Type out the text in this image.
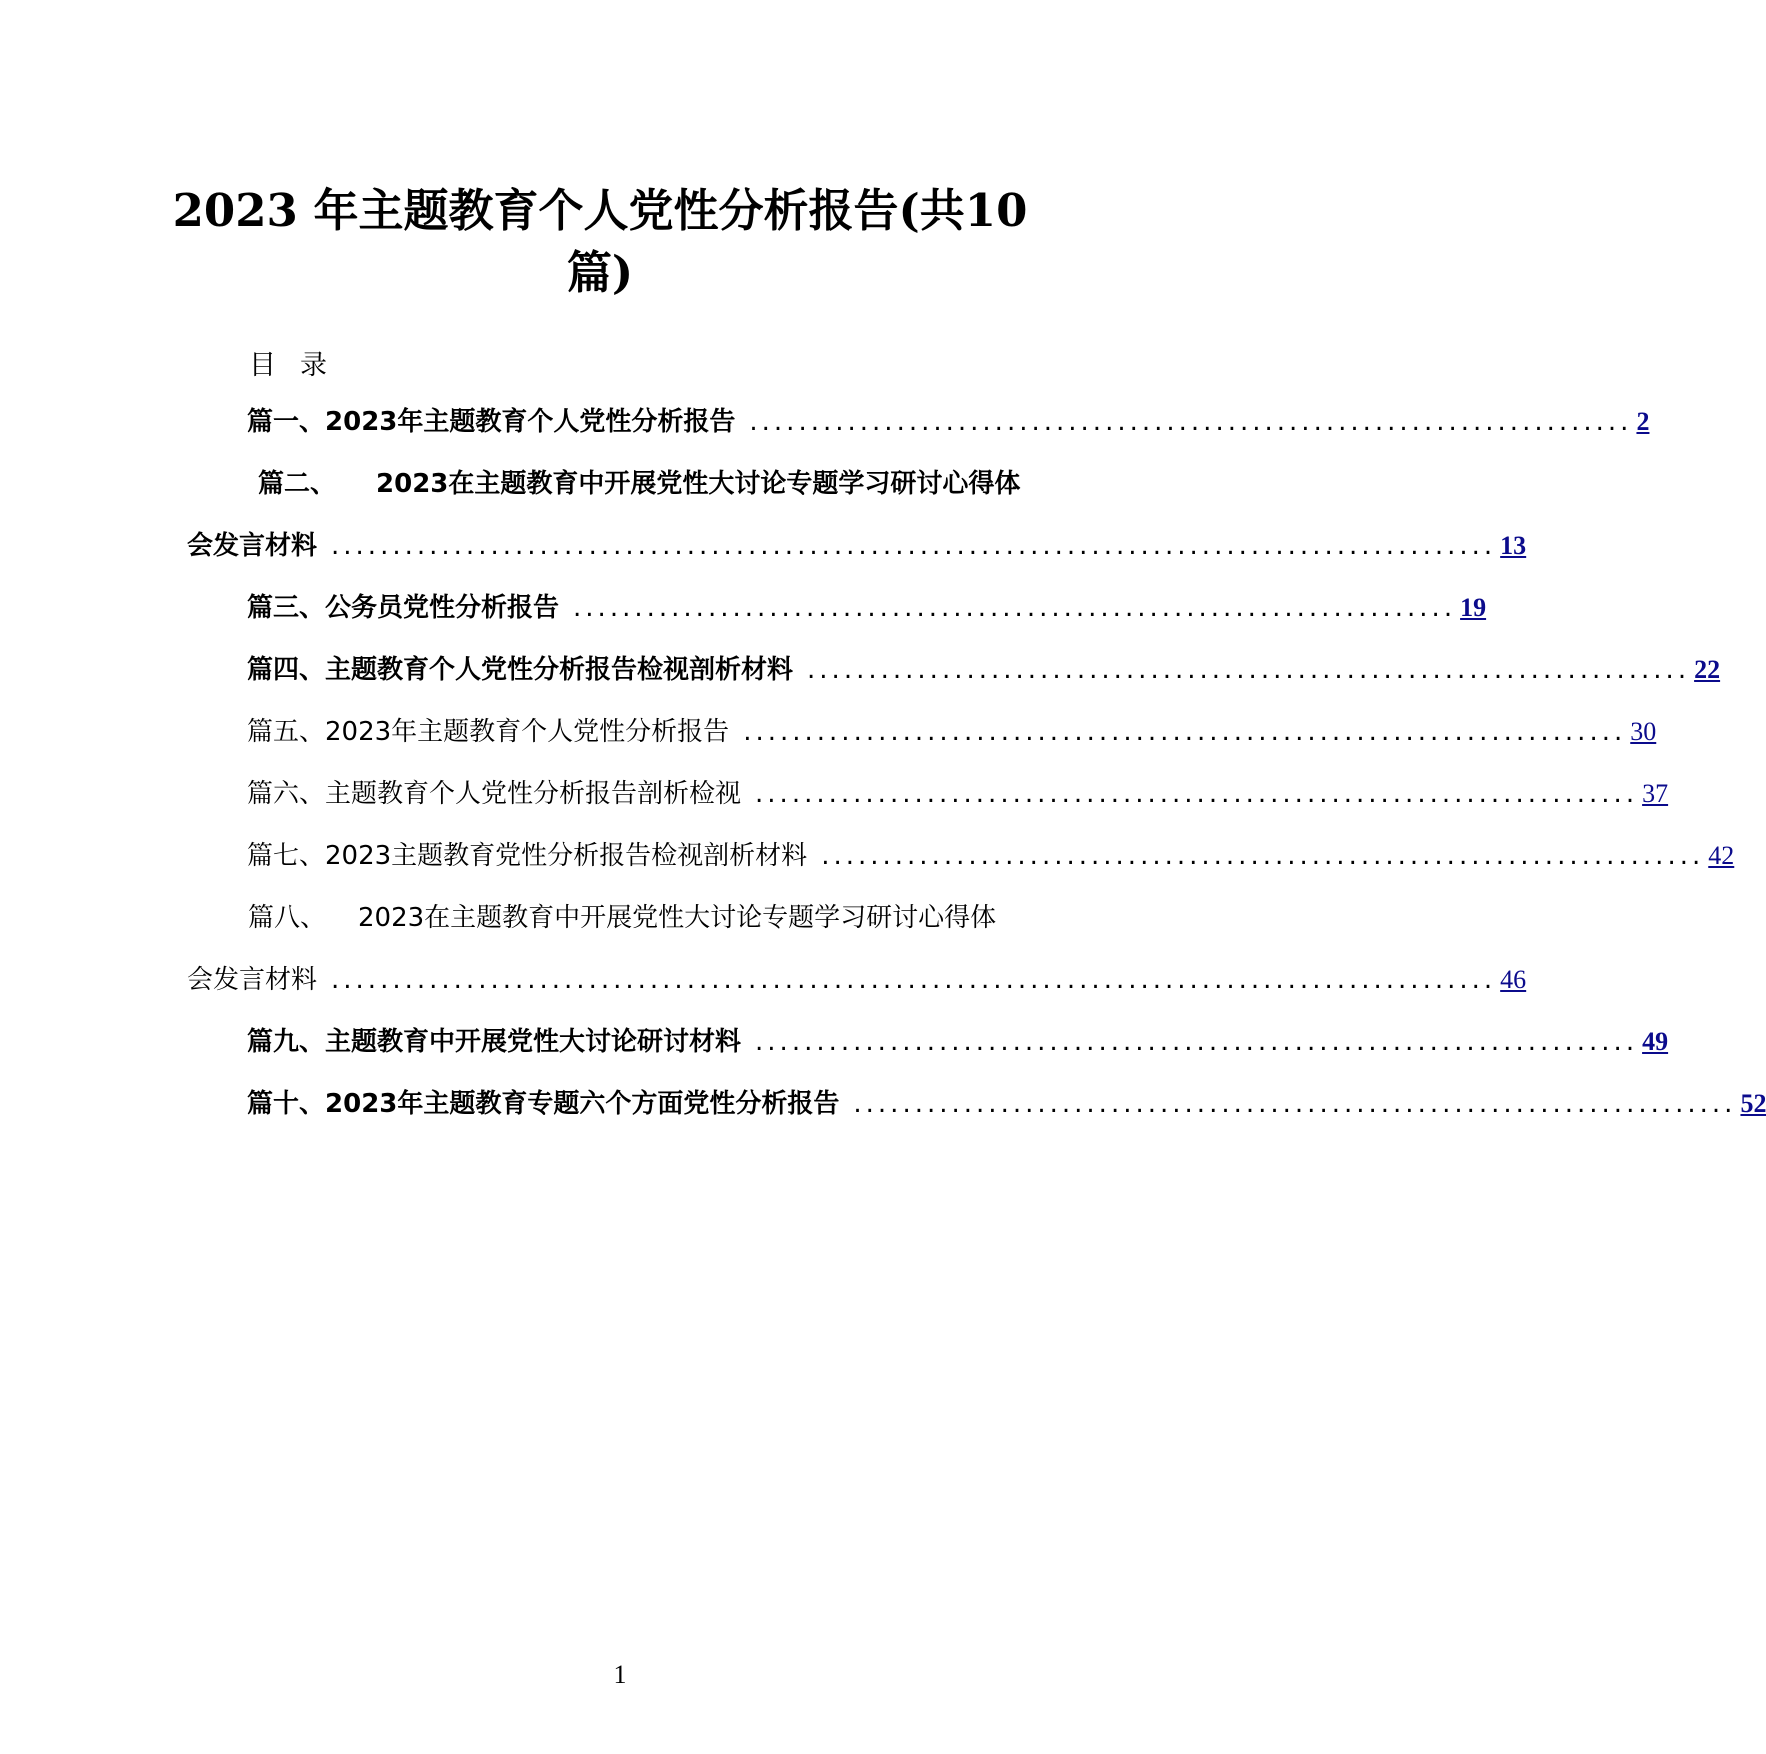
2023 年主题教育个人党性分析报告(共10篇)
目录
篇一、 2023年主题教育个人党性分析报告 ........................................................................ 2
篇二、 2023在主题教育中开展党性大讨论专题学习研讨心得体
会发言材料 ............................................................................................... 13
篇三、 公务员党性分析报告 ........................................................................ 19
篇四、 主题教育个人党性分析报告检视剖析材料 ........................................................................ 22
篇五、 2023年主题教育个人党性分析报告 ........................................................................ 30
篇六、 主题教育个人党性分析报告剖析检视 ........................................................................ 37
篇七、 2023主题教育党性分析报告检视剖析材料 ........................................................................ 42
篇八、 2023在主题教育中开展党性大讨论专题学习研讨心得体
会发言材料 ............................................................................................... 46
篇九、 主题教育中开展党性大讨论研讨材料 ........................................................................ 49
篇十、 2023年主题教育专题六个方面党性分析报告 ........................................................................ 52
1
